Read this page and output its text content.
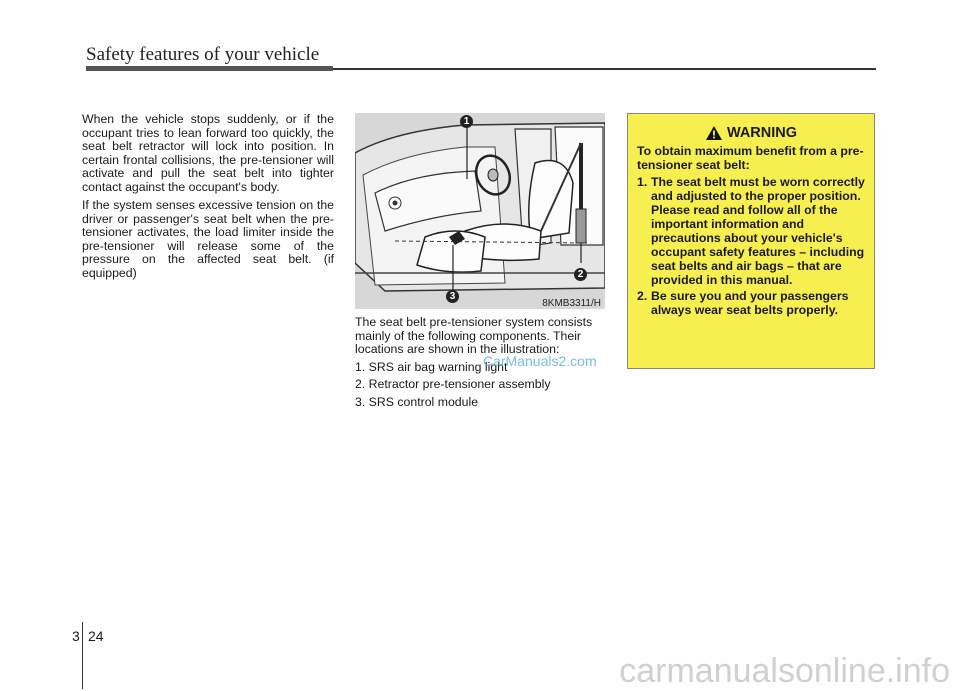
Safety features of your vehicle

When the vehicle stops suddenly, or if the occupant tries to lean forward too quickly, the seat belt retractor will lock into position. In certain frontal collisions, the pre-tensioner will activate and pull the seat belt into tighter contact against the occupant's body.

If the system senses excessive tension on the driver or passenger's seat belt when the pre-tensioner activates, the load limiter inside the pre-tensioner will release some of the pressure on the affected seat belt. (if equipped)

1
2
3
8KMB3311/H

The seat belt pre-tensioner system consists mainly of the following components. Their locations are shown in the illustration:

1. SRS air bag warning light
2. Retractor pre-tensioner assembly
3. SRS control module
WARNING

To obtain maximum benefit from a pre-tensioner seat belt:

1. The seat belt must be worn correctly and adjusted to the proper position. Please read and follow all of the important information and precautions about your vehicle's occupant safety features – including seat belts and air bags – that are provided in this manual.
2. Be sure you and your passengers always wear seat belts properly.
CarManuals2.com
3 24
carmanualsonline.info
